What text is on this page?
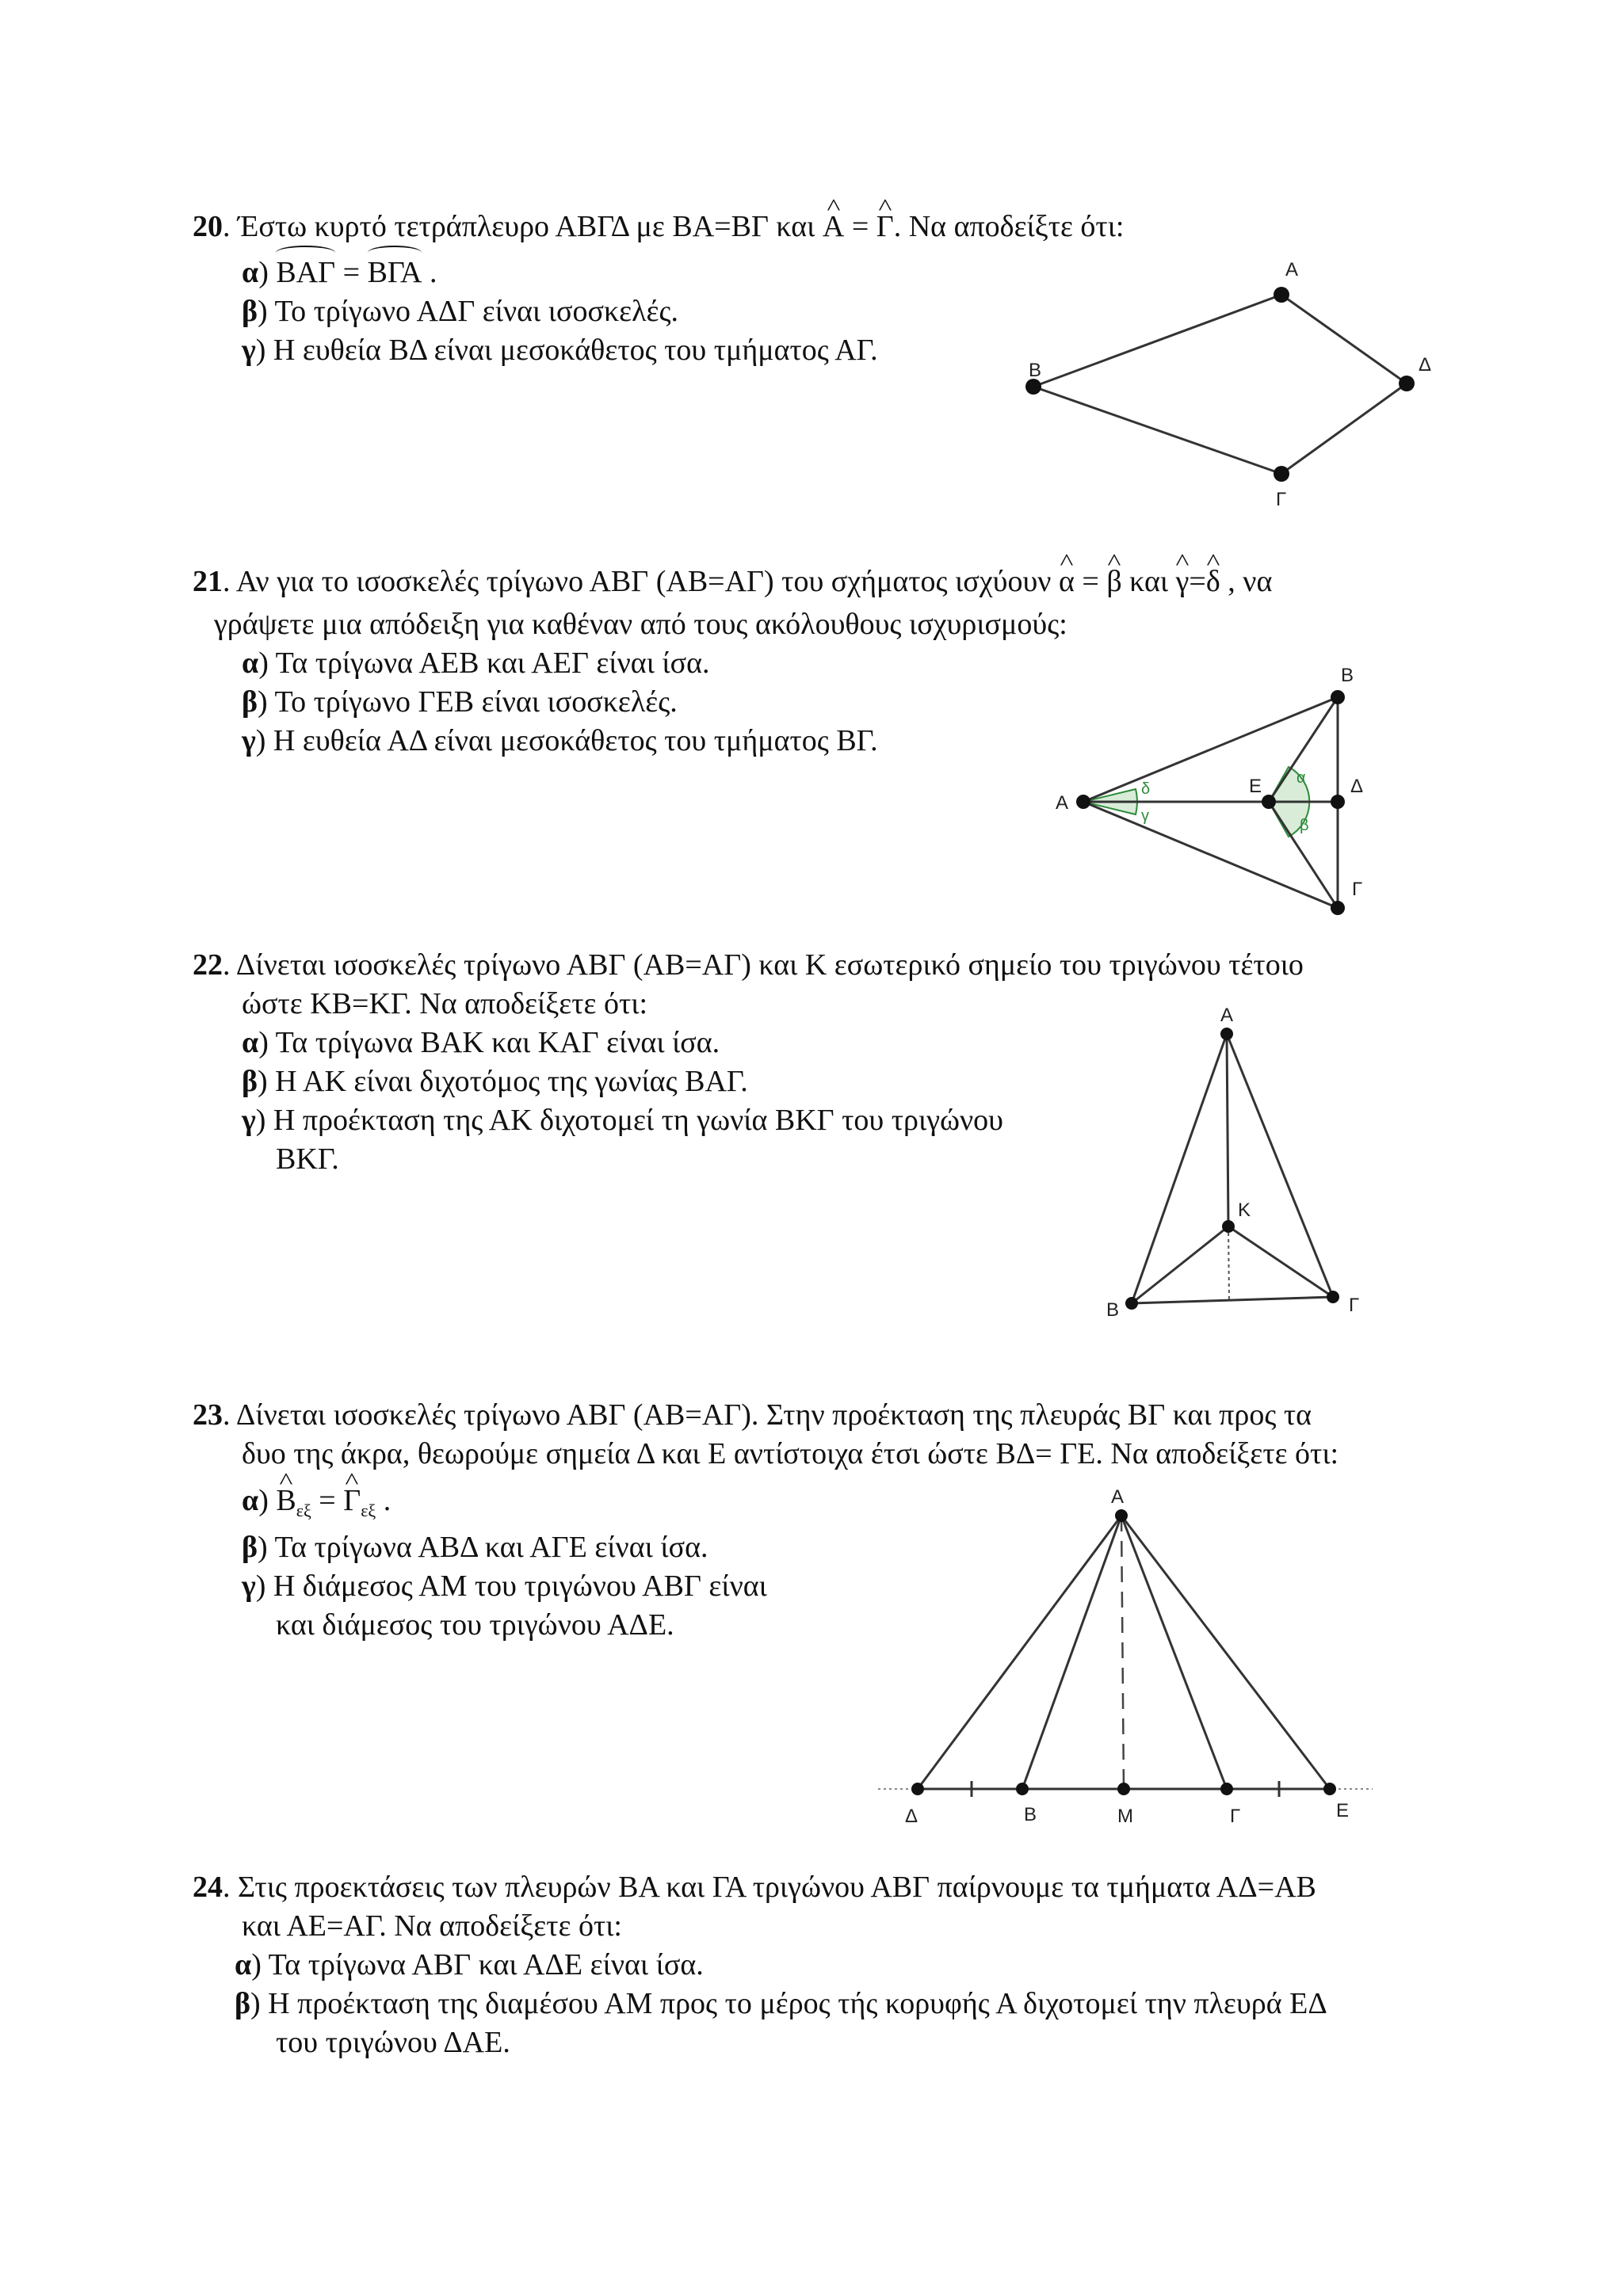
20. Έστω κυρτό τετράπλευρο ΑΒΓΔ με ΒΑ=ΒΓ και ^ Α = ^ Γ. Να αποδείξτε ότι:
α) ΒΑΓ = ΒΓΑ .
β) Το τρίγωνο ΑΔΓ είναι ισοσκελές.
γ) Η ευθεία ΒΔ είναι μεσοκάθετος του τμήματος ΑΓ.
Β
Α
Δ
Γ
21. Αν για το ισοσκελές τρίγωνο ΑΒΓ (ΑΒ=ΑΓ) του σχήματος ισχύουν ^ α = ^ β και ^ γ=^ δ , να
γράψετε μια απόδειξη για καθέναν από τους ακόλουθους ισχυρισμούς:
α) Τα τρίγωνα ΑΕΒ και ΑΕΓ είναι ίσα.
β) Το τρίγωνο ΓΕΒ είναι ισοσκελές.
γ) Η ευθεία ΑΔ είναι μεσοκάθετος του τμήματος ΒΓ.
Α
Β
Γ
Δ
Ε α
β
δ
γ
22. Δίνεται ισοσκελές τρίγωνο ΑΒΓ (ΑΒ=ΑΓ) και Κ εσωτερικό σημείο του τριγώνου τέτοιο
ώστε ΚΒ=ΚΓ. Να αποδείξετε ότι:
α) Τα τρίγωνα ΒΑΚ και ΚΑΓ είναι ίσα.
β) Η ΑΚ είναι διχοτόμος της γωνίας ΒΑΓ.
γ) Η προέκταση της ΑΚ διχοτομεί τη γωνία ΒΚΓ του τριγώνου
ΒΚΓ.
Α
Β	Γ
Κ
23. Δίνεται ισοσκελές τρίγωνο ΑΒΓ (ΑΒ=ΑΓ). Στην προέκταση της πλευράς ΒΓ και προς τα
δυο της άκρα, θεωρούμε σημεία Δ και Ε αντίστοιχα έτσι ώστε ΒΔ= ΓΕ. Να αποδείξετε ότι:
α) ^ $B_{\varepsilon\xi}$ = ^ $\Gamma_{\varepsilon\xi}$ .
β) Τα τρίγωνα ΑΒΔ και ΑΓΕ είναι ίσα.
γ) Η διάμεσος ΑΜ του τριγώνου ΑΒΓ είναι
και διάμεσος του τριγώνου ΑΔΕ.
Α
Δ	Β	Μ	Γ	Ε
24. Στις προεκτάσεις των πλευρών ΒΑ και ΓΑ τριγώνου ΑΒΓ παίρνουμε τα τμήματα ΑΔ=ΑΒ
και ΑΕ=ΑΓ. Να αποδείξετε ότι:
α) Τα τρίγωνα ΑΒΓ και ΑΔΕ είναι ίσα.
β) Η προέκταση της διαμέσου ΑΜ προς το μέρος τής κορυφής Α διχοτομεί την πλευρά ΕΔ
του τριγώνου ΔΑΕ.
